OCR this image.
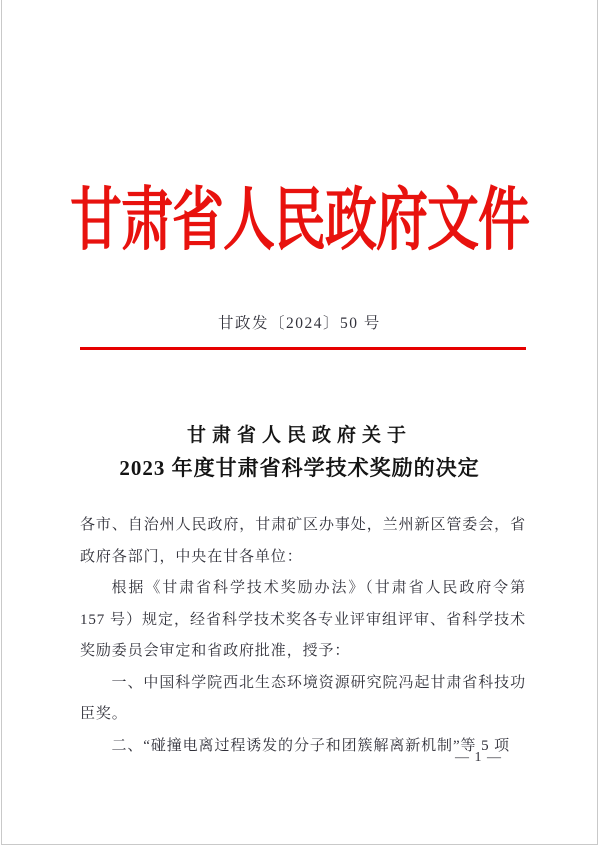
甘肃省人民政府文件
甘政发〔2024〕50 号
甘肃省人民政府关于
2023 年度甘肃省科学技术奖励的决定

各市、自治州人民政府，甘肃矿区办事处，兰州新区管委会，省政府各部门，中央在甘各单位：

根据《甘肃省科学技术奖励办法》（甘肃省人民政府令第 157 号）规定，经省科学技术奖各专业评审组评审、省科学技术奖励委员会审定和省政府批准，授予：

一、中国科学院西北生态环境资源研究院冯起甘肃省科技功臣奖。

二、“碰撞电离过程诱发的分子和团簇解离新机制”等 5 项

— 1 —
